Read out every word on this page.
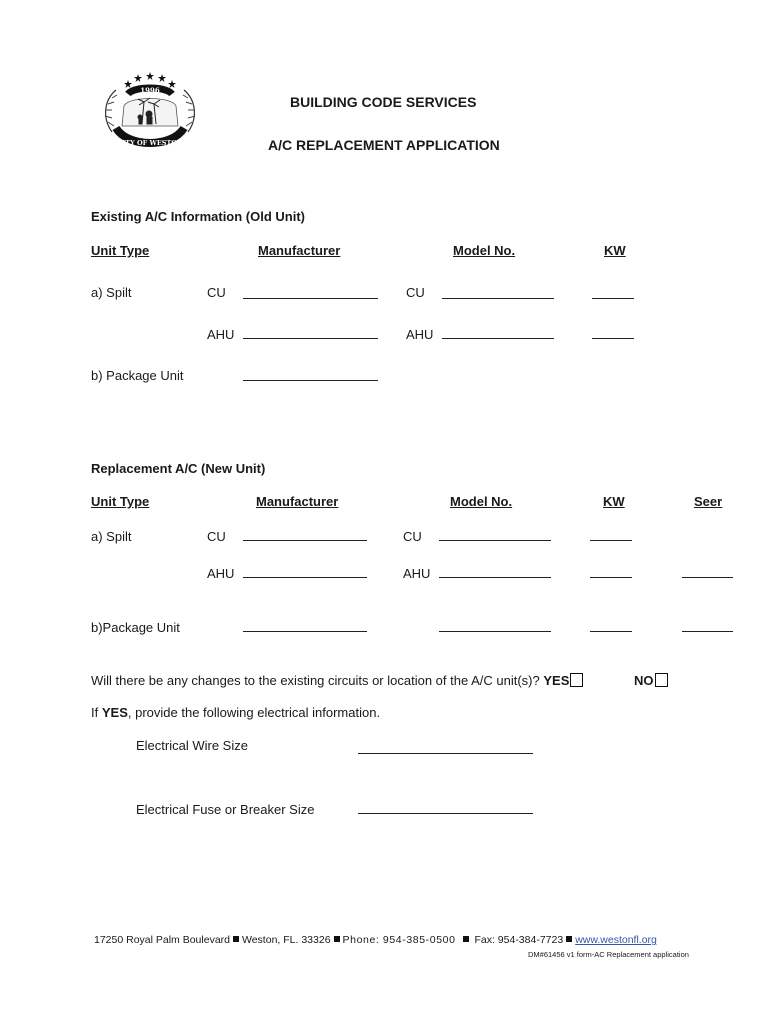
1996
CITY OF WESTON
BUILDING CODE SERVICES
A/C REPLACEMENT APPLICATION
Existing A/C Information (Old Unit)
Unit Type	Manufacturer	Model No.	KW
a) Spilt	CU	CU
AHU	AHU
b) Package Unit
Replacement A/C (New Unit)
Unit Type	Manufacturer	Model No.	KW	Seer
a) Spilt	CU	CU
AHU	AHU
b)Package Unit
Will there be any changes to the existing circuits or location of the A/C unit(s)? YES	NO
If YES, provide the following electrical information.
Electrical Wire Size
Electrical Fuse or Breaker Size
17250 Royal Palm Boulevard Weston, FL. 33326 Phone: 954-385-0500 Fax: 954-384-7723 www.westonfl.org
DM#61456 v1 form-AC Replacement application
